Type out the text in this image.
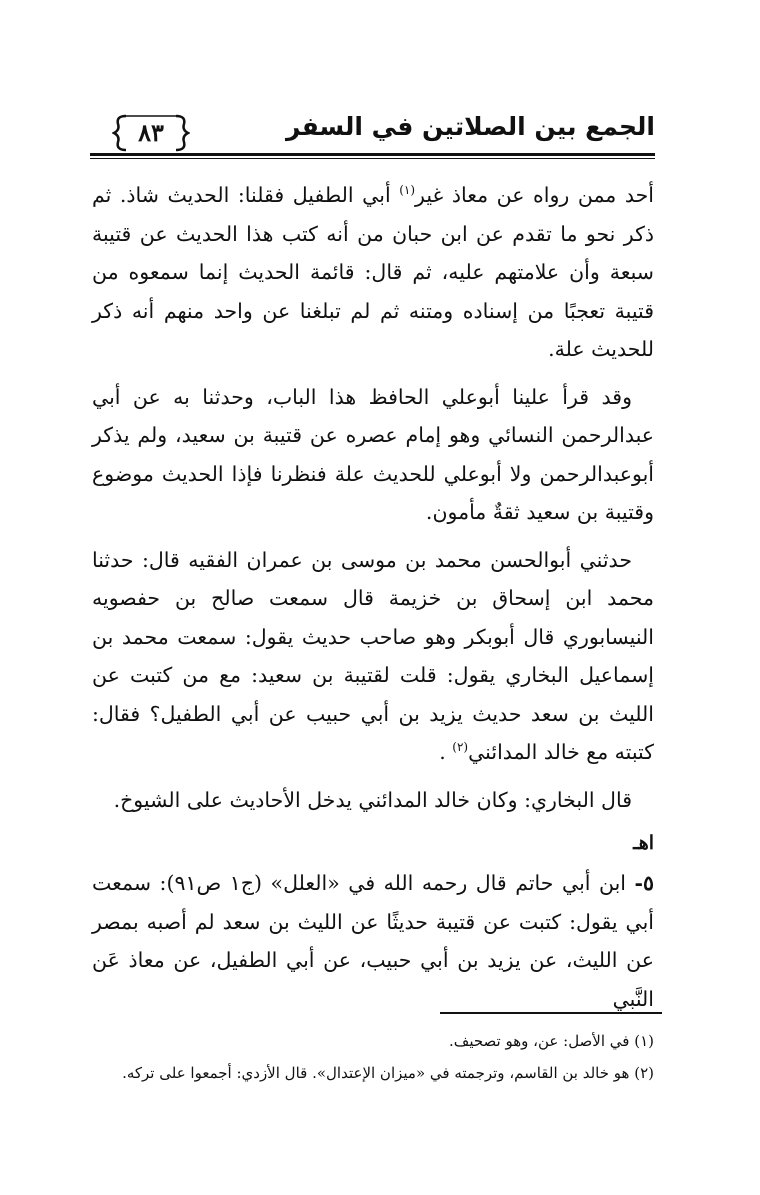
الجمع بين الصلاتين في السفر
٨٣

أحد ممن رواه عن معاذ غير$^{(١)}$ أبي الطفيل فقلنا: الحديث شاذ. ثم ذكر نحو ما تقدم عن ابن حبان من أنه كتب هذا الحديث عن قتيبة سبعة وأن علامتهم عليه، ثم قال: قائمة الحديث إنما سمعوه من قتيبة تعجبًا من إسناده ومتنه ثم لم تبلغنا عن واحد منهم أنه ذكر للحديث علة.

وقد قرأ علينا أبوعلي الحافظ هذا الباب، وحدثنا به عن أبي عبدالرحمن النسائي وهو إمام عصره عن قتيبة بن سعيد، ولم يذكر أبوعبدالرحمن ولا أبوعلي للحديث علة فنظرنا فإذا الحديث موضوع وقتيبة بن سعيد ثقةٌ مأمون.

حدثني أبوالحسن محمد بن موسى بن عمران الفقيه قال: حدثنا محمد ابن إسحاق بن خزيمة قال سمعت صالح بن حفصويه النيسابوري قال أبوبكر وهو صاحب حديث يقول: سمعت محمد بن إسماعيل البخاري يقول: قلت لقتيبة بن سعيد: مع من كتبت عن الليث بن سعد حديث يزيد بن أبي حبيب عن أبي الطفيل؟ فقال: كتبته مع خالد المدائني$^{(٢)}$ .

قال البخاري: وكان خالد المدائني يدخل الأحاديث على الشيوخ.

اهـ

٥- ابن أبي حاتم قال رحمه الله في «العلل» (ج١ ص٩١): سمعت أبي يقول: كتبت عن قتيبة حديثًا عن الليث بن سعد لم أصبه بمصر عن الليث، عن يزيد بن أبي حبيب، عن أبي الطفيل، عن معاذ عَن النَّبي

(١) في الأصل: عن، وهو تصحيف.
(٢) هو خالد بن القاسم، وترجمته في «ميزان الإعتدال». قال الأزدي: أجمعوا على تركه.
